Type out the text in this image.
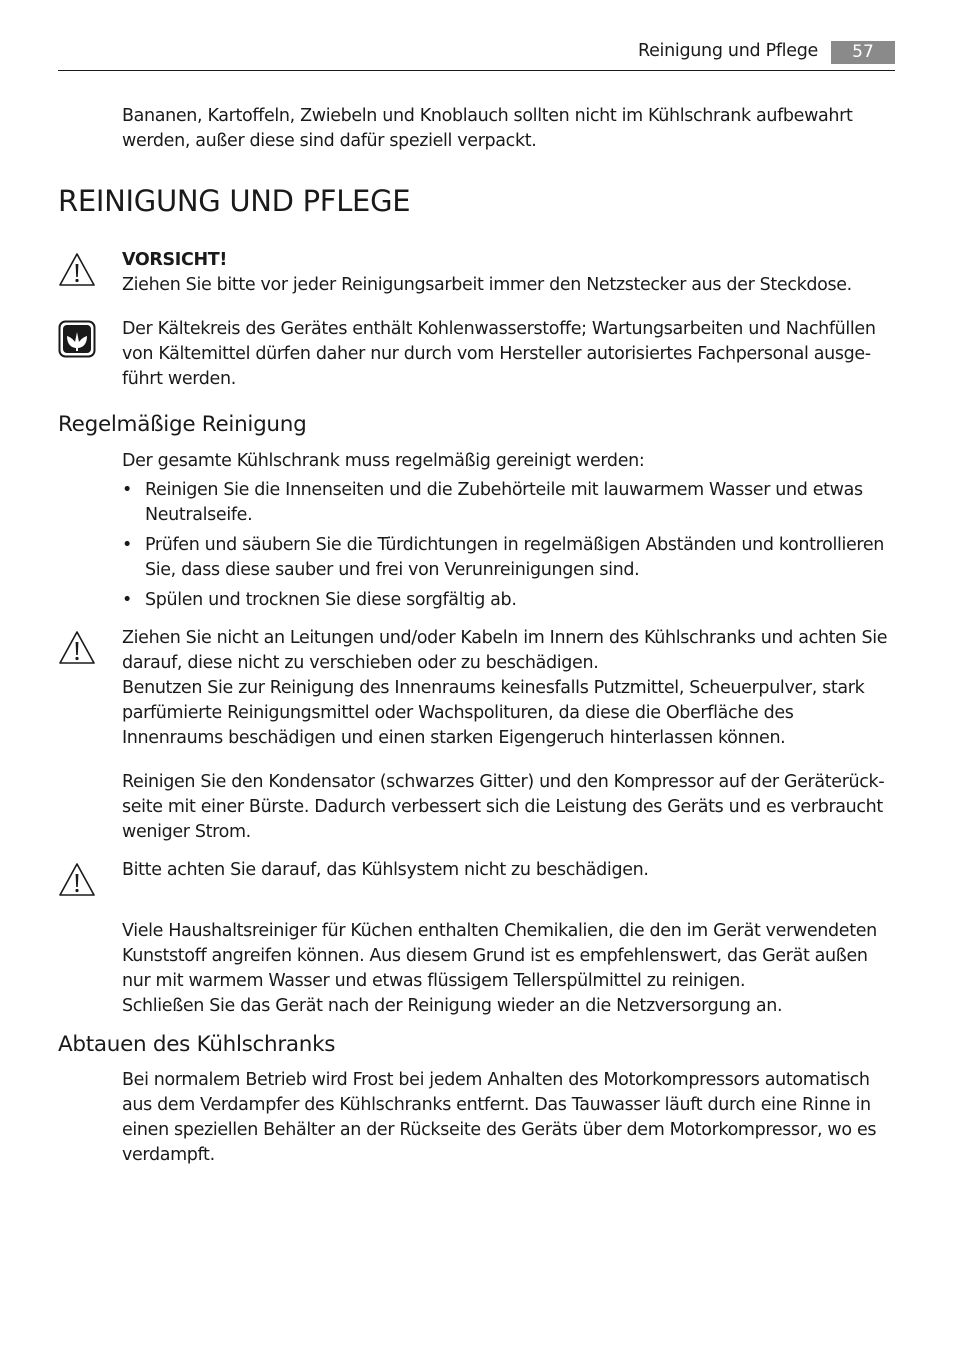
Reinigung und Pflege	57

Bananen, Kartoffeln, Zwiebeln und Knoblauch sollten nicht im Kühlschrank aufbewahrt werden, außer diese sind dafür speziell verpackt.

REINIGUNG UND PFLEGE
VORSICHT!

Ziehen Sie bitte vor jeder Reinigungsarbeit immer den Netzstecker aus der Steckdose.

Der Kältekreis des Gerätes enthält Kohlenwasserstoffe; Wartungsarbeiten und Nachfüllen von Kältemittel dürfen daher nur durch vom Hersteller autorisiertes Fachpersonal ausge-führt werden.

Regelmäßige Reinigung

Der gesamte Kühlschrank muss regelmäßig gereinigt werden:

• Reinigen Sie die Innenseiten und die Zubehörteile mit lauwarmem Wasser und etwas Neutralseife.
• Prüfen und säubern Sie die Türdichtungen in regelmäßigen Abständen und kontrollieren Sie, dass diese sauber und frei von Verunreinigungen sind.
• Spülen und trocknen Sie diese sorgfältig ab.

Ziehen Sie nicht an Leitungen und/oder Kabeln im Innern des Kühlschranks und achten Sie darauf, diese nicht zu verschieben oder zu beschädigen.

Benutzen Sie zur Reinigung des Innenraums keinesfalls Putzmittel, Scheuerpulver, stark parfümierte Reinigungsmittel oder Wachspolituren, da diese die Oberfläche des Innenraums beschädigen und einen starken Eigengeruch hinterlassen können.

Reinigen Sie den Kondensator (schwarzes Gitter) und den Kompressor auf der Geräterück-seite mit einer Bürste. Dadurch verbessert sich die Leistung des Geräts und es verbraucht weniger Strom.

Bitte achten Sie darauf, das Kühlsystem nicht zu beschädigen.

Viele Haushaltsreiniger für Küchen enthalten Chemikalien, die den im Gerät verwendeten Kunststoff angreifen können. Aus diesem Grund ist es empfehlenswert, das Gerät außen nur mit warmem Wasser und etwas flüssigem Tellerspülmittel zu reinigen.

Schließen Sie das Gerät nach der Reinigung wieder an die Netzversorgung an.

Abtauen des Kühlschranks

Bei normalem Betrieb wird Frost bei jedem Anhalten des Motorkompressors automatisch aus dem Verdampfer des Kühlschranks entfernt. Das Tauwasser läuft durch eine Rinne in einen speziellen Behälter an der Rückseite des Geräts über dem Motorkompressor, wo es verdampft.
